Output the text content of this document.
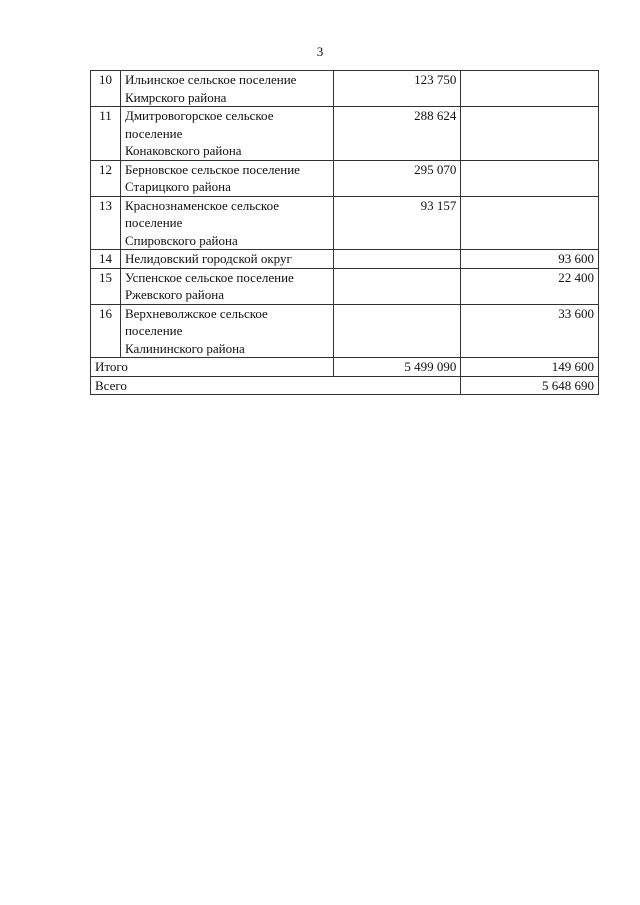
3
10	Ильинское сельское поселение
Кимрского района	123 750	
11	Дмитровогорское сельское
поселение
Конаковского района	288 624	
12	Берновское сельское поселение
Старицкого района	295 070	
13	Краснознаменское сельское
поселение
Спировского района	93 157	
14	Нелидовский городской округ		93 600
15	Успенское сельское поселение
Ржевского района		22 400
16	Верхневолжское сельское
поселение
Калининского района		33 600
Итого		5 499 090	149 600
Всего			5 648 690
